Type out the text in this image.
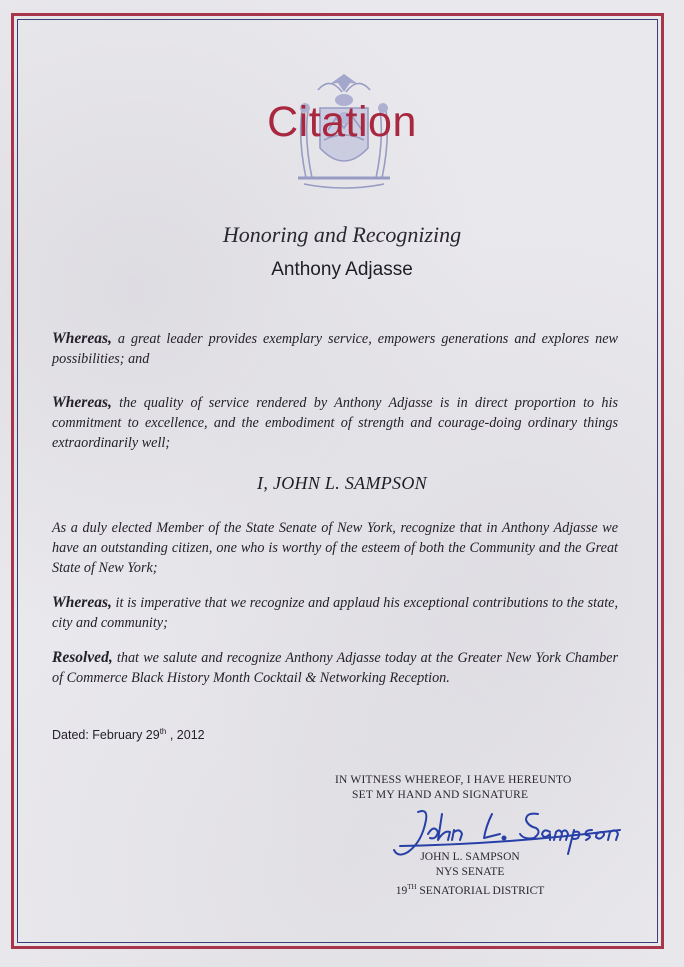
Citation
Honoring and Recognizing
Anthony Adjasse
Whereas, a great leader provides exemplary service, empowers generations and explores new possibilities; and
Whereas, the quality of service rendered by Anthony Adjasse is in direct proportion to his commitment to excellence, and the embodiment of strength and courage-doing ordinary things extraordinarily well;
I, JOHN L. SAMPSON
As a duly elected Member of the State Senate of New York, recognize that in Anthony Adjasse we have an outstanding citizen, one who is worthy of the esteem of both the Community and the Great State of New York;
Whereas, it is imperative that we recognize and applaud his exceptional contributions to the state, city and community;
Resolved, that we salute and recognize Anthony Adjasse today at the Greater New York Chamber of Commerce Black History Month Cocktail & Networking Reception.
Dated: February 29th , 2012
IN WITNESS WHEREOF, I HAVE HEREUNTO
SET MY HAND AND SIGNATURE
JOHN L. SAMPSON
NYS SENATE
19TH SENATORIAL DISTRICT
